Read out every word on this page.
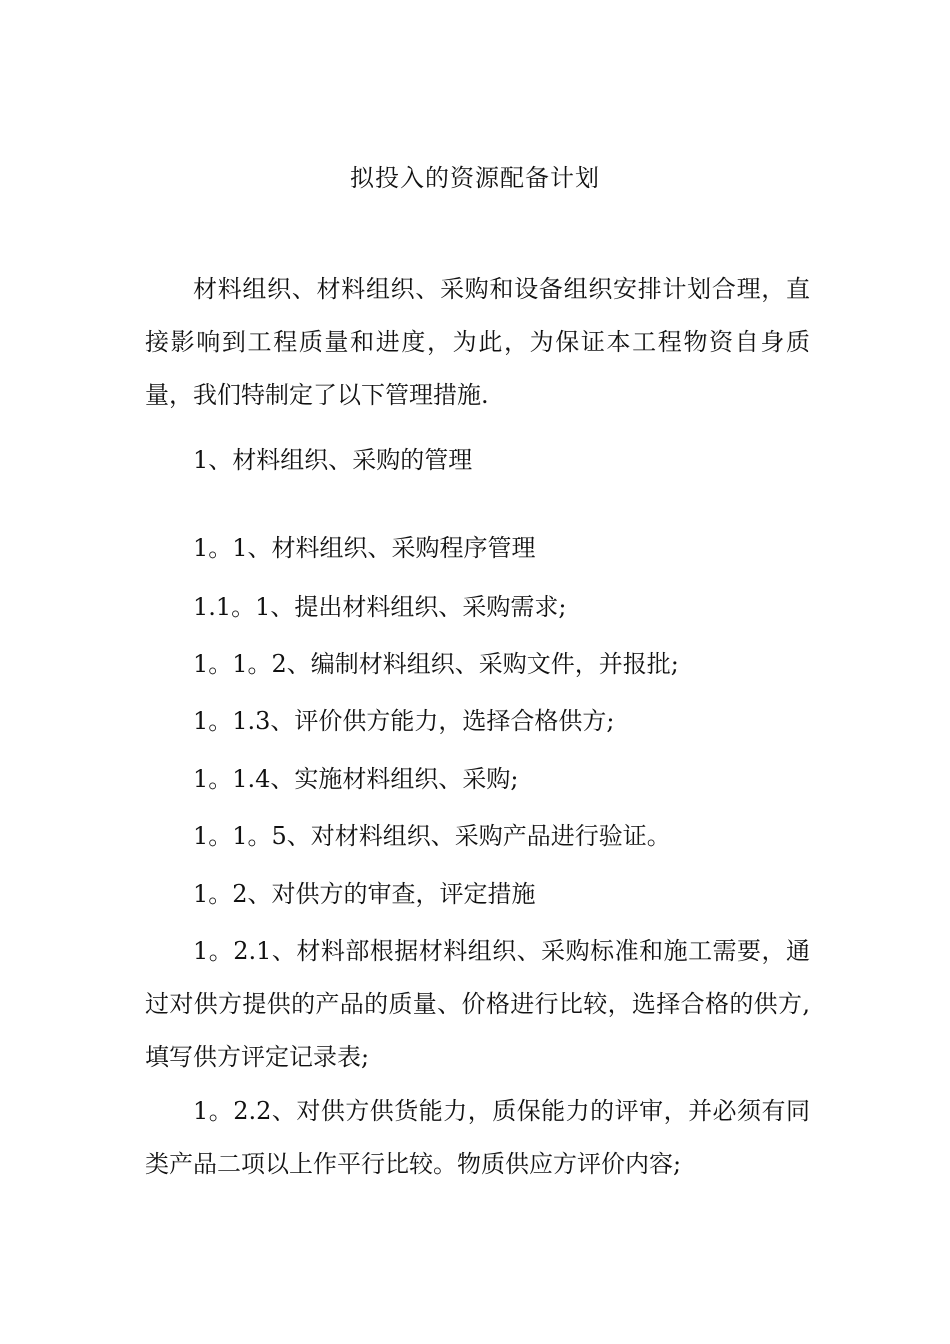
拟投入的资源配备计划

材料组织、材料组织、采购和设备组织安排计划合理，直接影响到工程质量和进度，为此，为保证本工程物资自身质量，我们特制定了以下管理措施.

1、材料组织、采购的管理
1。1、材料组织、采购程序管理
1.1。1、提出材料组织、采购需求;
1。1。2、编制材料组织、采购文件，并报批;
1。1.3、评价供方能力，选择合格供方;
1。1.4、实施材料组织、采购;
1。1。5、对材料组织、采购产品进行验证。
1。2、对供方的审查，评定措施

1。2.1、材料部根据材料组织、采购标准和施工需要，通过对供方提供的产品的质量、价格进行比较，选择合格的供方,填写供方评定记录表;

1。2.2、对供方供货能力，质保能力的评审，并必须有同类产品二项以上作平行比较。物质供应方评价内容;
